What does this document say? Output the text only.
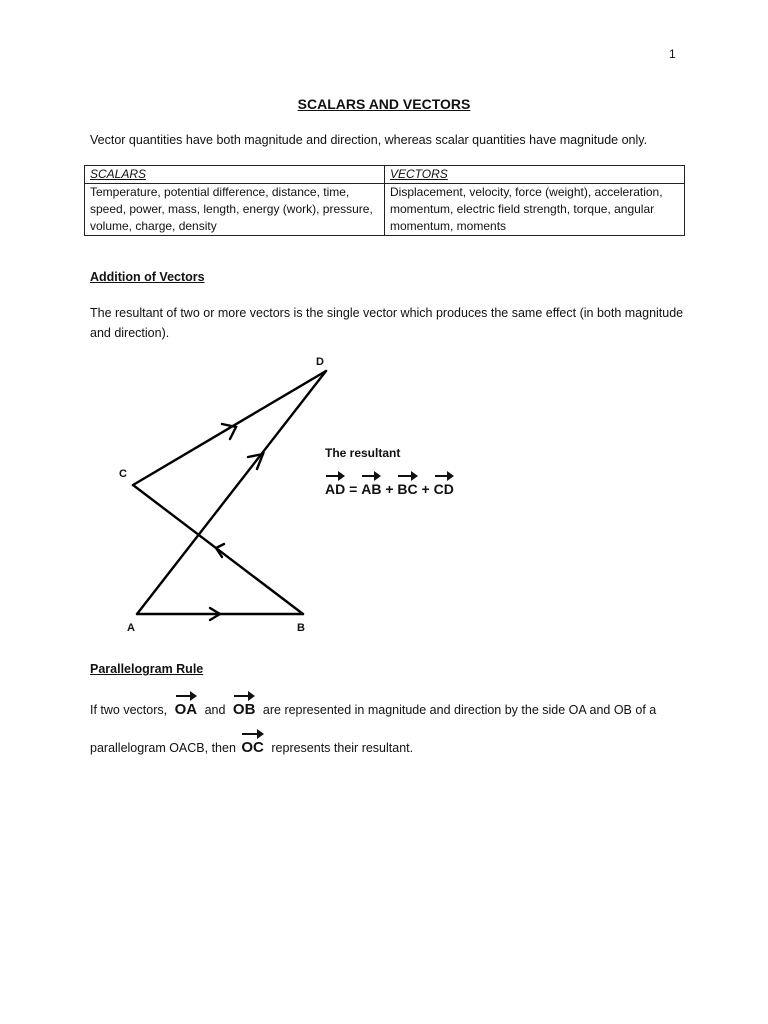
1
SCALARS AND VECTORS
Vector quantities have both magnitude and direction, whereas scalar quantities have magnitude only.
SCALARS	VECTORS
Temperature, potential difference, distance, time, speed, power, mass, length, energy (work), pressure, volume, charge, density	Displacement, velocity, force (weight), acceleration, momentum, electric field strength, torque, angular momentum, moments
Addition of Vectors
The resultant of two or more vectors is the single vector which produces the same effect (in both magnitude and direction).
A	B
C
D
The resultant
AD = AB + BC + CD
Parallelogram Rule
If two vectors, OA and OB are represented in magnitude and direction by the side OA and OB of a
parallelogram OACB, then OC represents their resultant.
